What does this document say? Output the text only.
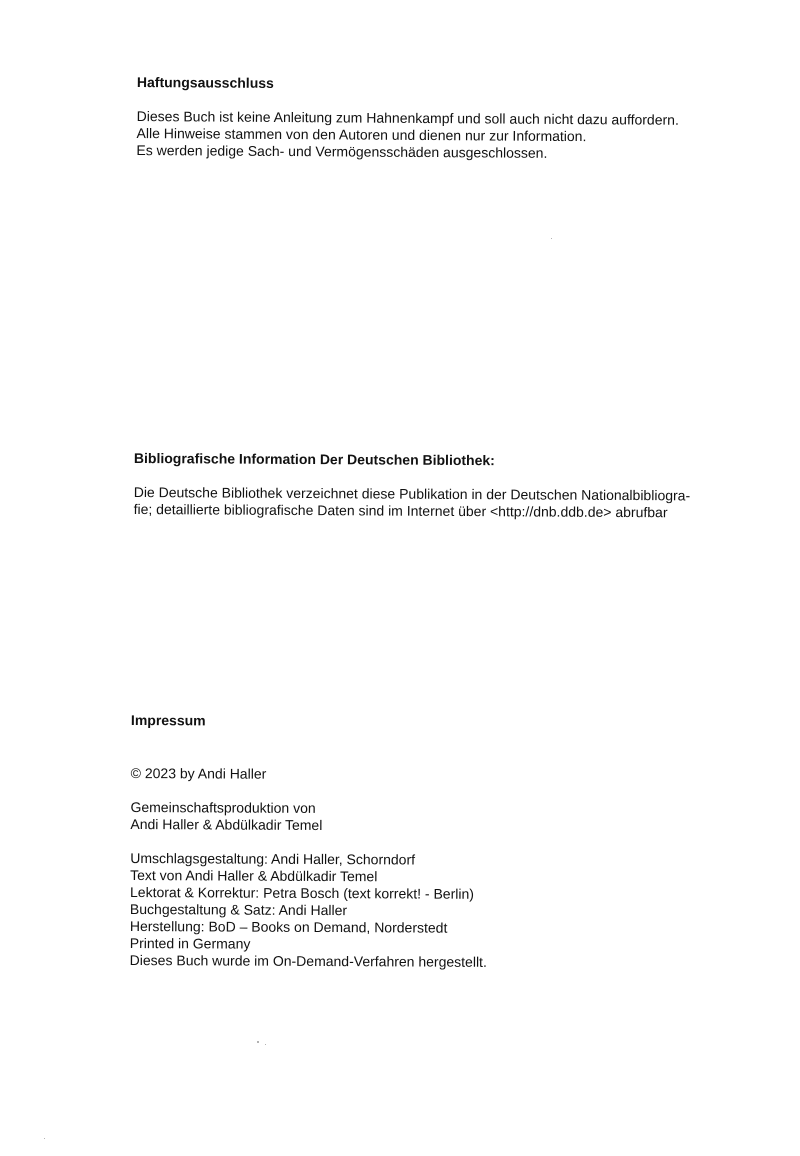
Haftungsausschluss

Dieses Buch ist keine Anleitung zum Hahnenkampf und soll auch nicht dazu auffordern.
Alle Hinweise stammen von den Autoren und dienen nur zur Information.
Es werden jedige Sach- und Vermögensschäden ausgeschlossen.

Bibliografische Information Der Deutschen Bibliothek:

Die Deutsche Bibliothek verzeichnet diese Publikation in der Deutschen Nationalbibliogra-
fie; detaillierte bibliografische Daten sind im Internet über <http://dnb.ddb.de> abrufbar

Impressum

© 2023 by Andi Haller

Gemeinschaftsproduktion von
Andi Haller & Abdülkadir Temel

Umschlagsgestaltung: Andi Haller, Schorndorf
Text von Andi Haller & Abdülkadir Temel
Lektorat & Korrektur: Petra Bosch (text korrekt! - Berlin)
Buchgestaltung & Satz: Andi Haller
Herstellung: BoD – Books on Demand, Norderstedt
Printed in Germany
Dieses Buch wurde im On-Demand-Verfahren hergestellt.
